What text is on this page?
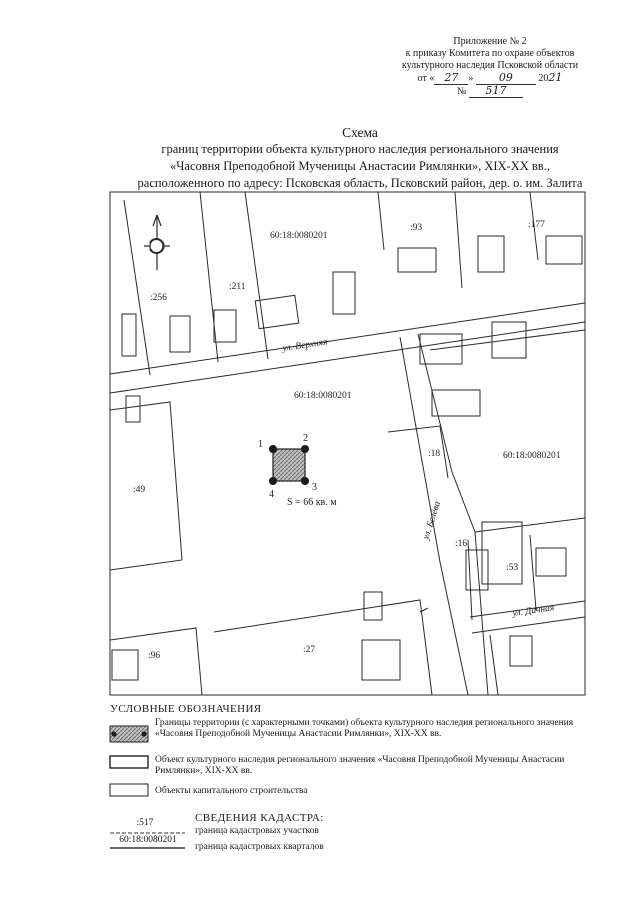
Приложение № 2
к приказу Комитета по охране объектов
культурного наследия Псковской области
от « 27 » 09	2021
№ 517
Схема
границ территории объекта культурного наследия регионального значения
«Часовня Преподобной Мученицы Анастасии Римлянки», XIX-XX вв.,
расположенного по адресу: Псковская область, Псковский район, дер. о. им. Залита
:256
:211
:93	:177
:49
:18
:16
:53
:96
:27
60:18:0080201
60:18:0080201
60:18:0080201
ул. Верхняя
ул. Белёва
ул. Дачная
1
2
3
4
S = 66 кв. м
УСЛОВНЫЕ ОБОЗНАЧЕНИЯ
Границы территории (с характерными точками) объекта культурного наследия регионального значения «Часовня Преподобной Мученицы Анастасии Римлянки», XIX-XX вв.
Объект культурного наследия регионального значения «Часовня Преподобной Мученицы Анастасии Римлянки», XIX-XX вв.
Объекты капитального строительства
СВЕДЕНИЯ КАДАСТРА:
:517
граница кадастровых участков
60:18:0080201
граница кадастровых кварталов
